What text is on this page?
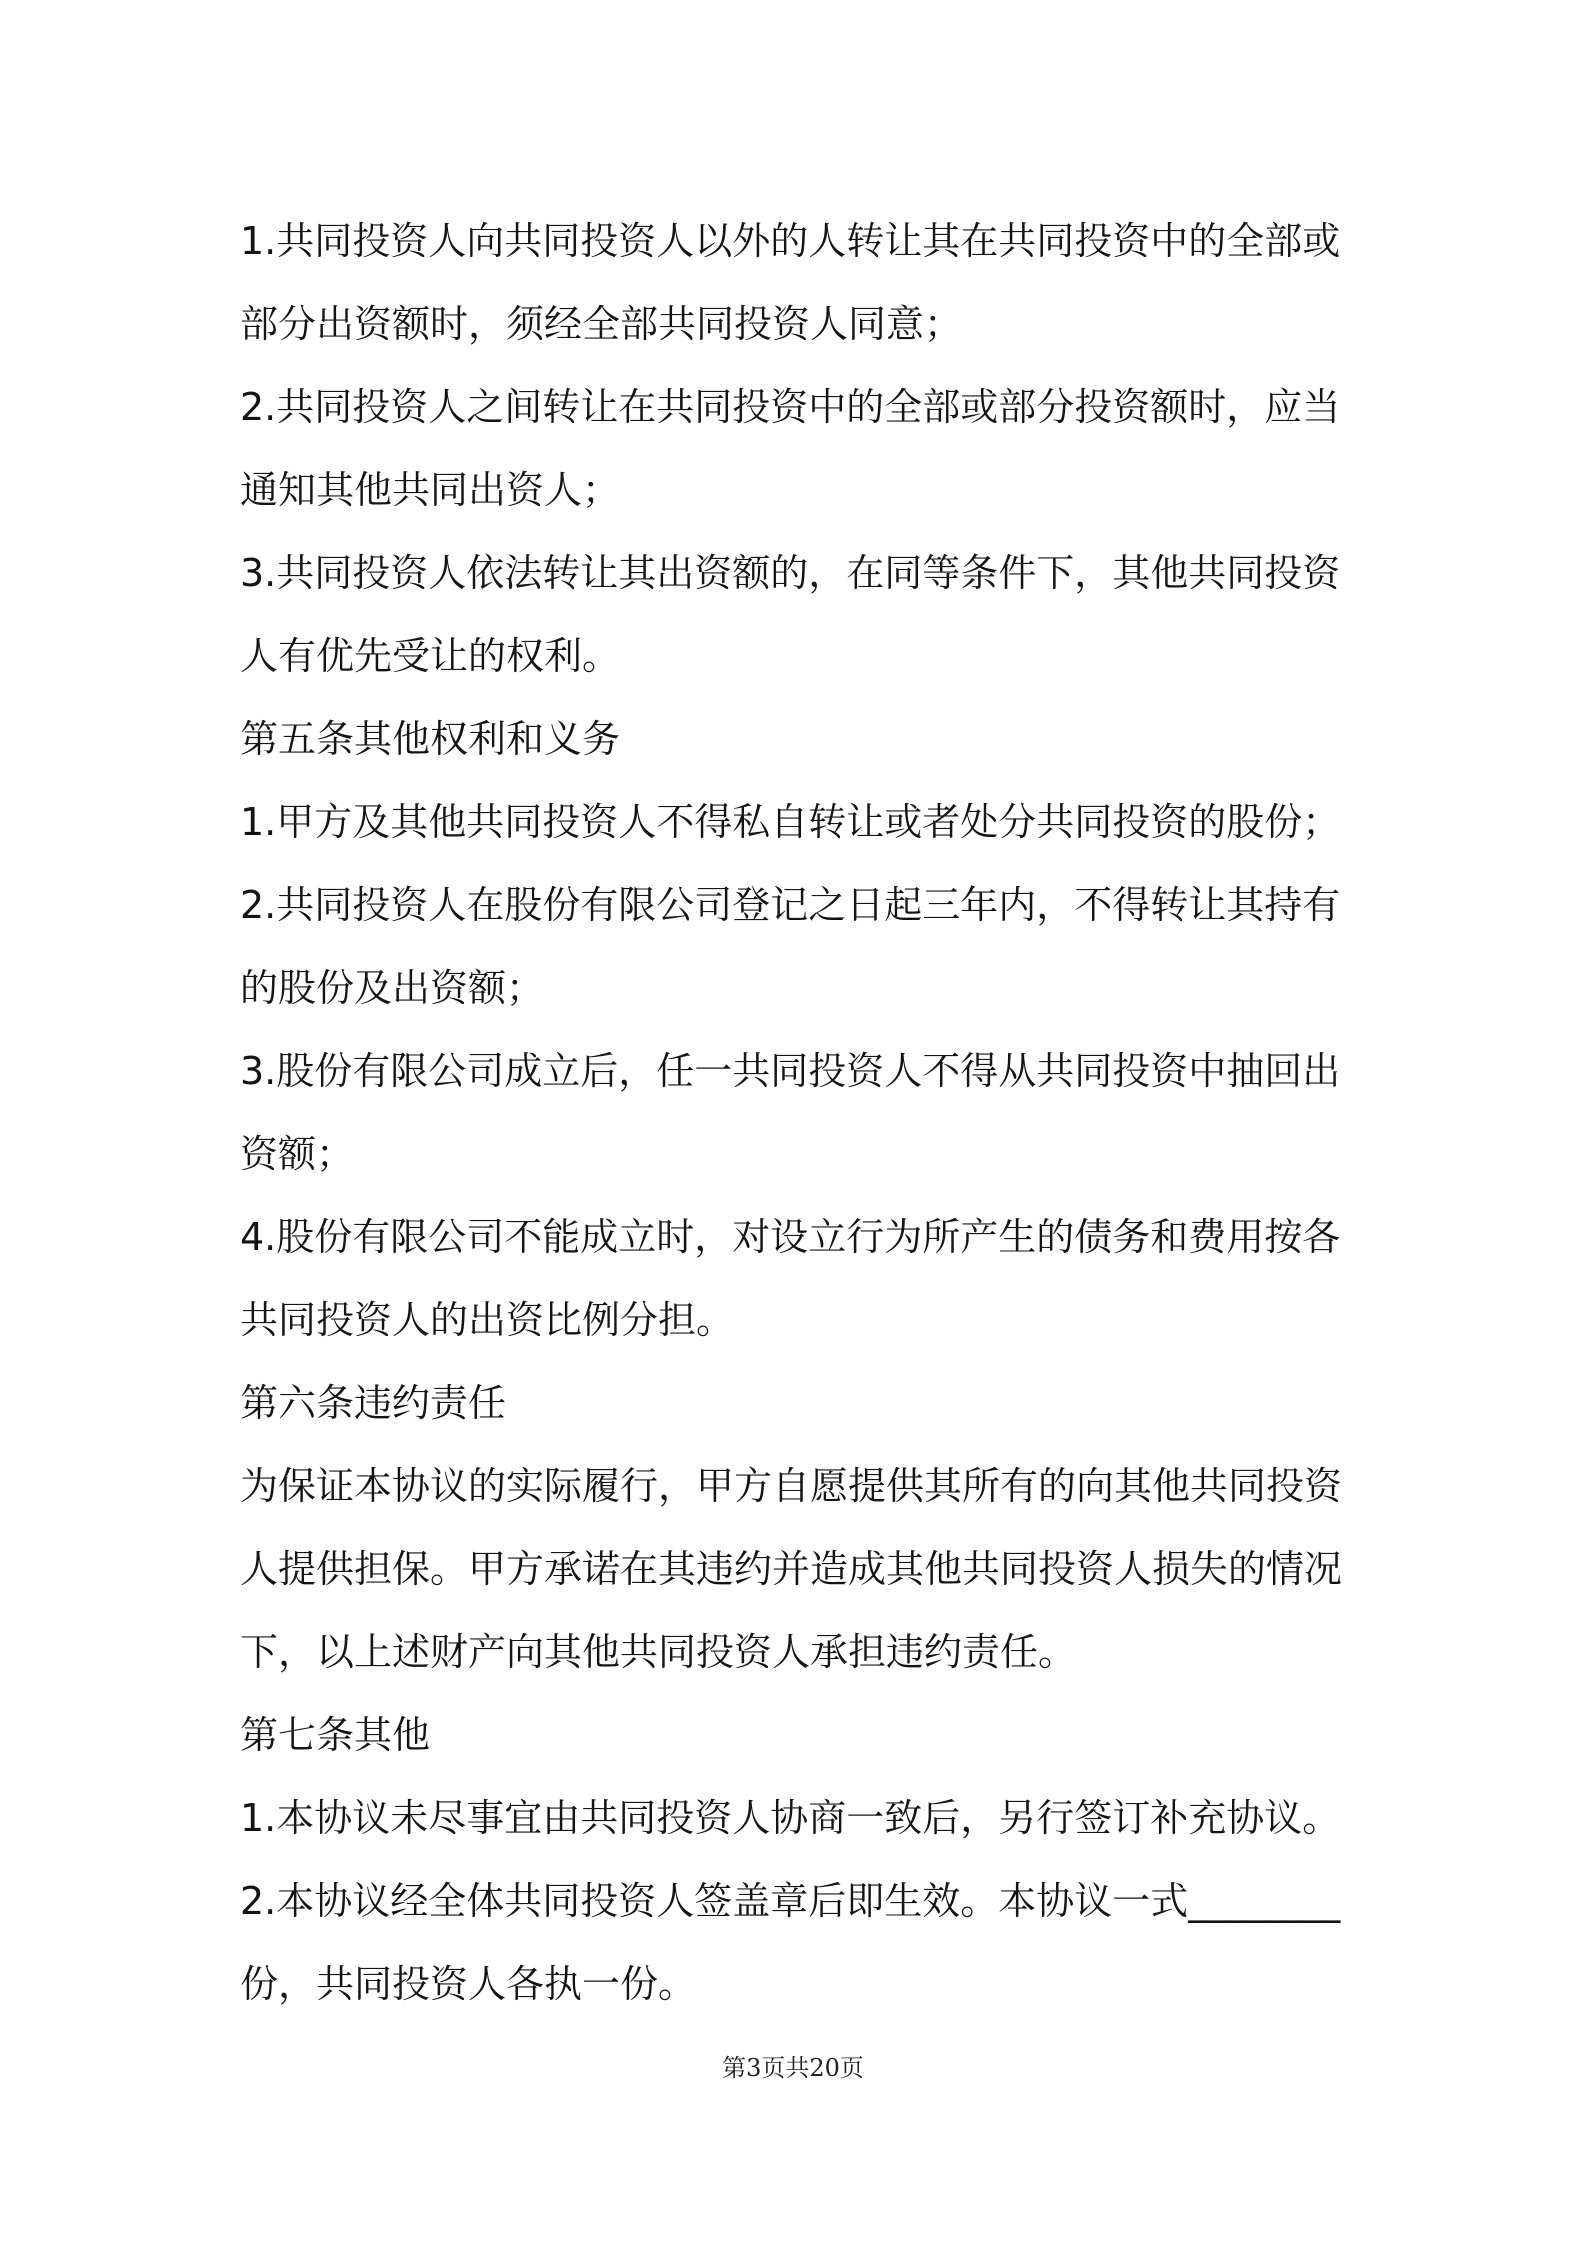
1.共同投资人向共同投资人以外的人转让其在共同投资中的全部或部分出资额时，须经全部共同投资人同意；

2.共同投资人之间转让在共同投资中的全部或部分投资额时，应当通知其他共同出资人；

3.共同投资人依法转让其出资额的，在同等条件下，其他共同投资人有优先受让的权利。

第五条其他权利和义务

1.甲方及其他共同投资人不得私自转让或者处分共同投资的股份；

2.共同投资人在股份有限公司登记之日起三年内，不得转让其持有的股份及出资额；

3.股份有限公司成立后，任一共同投资人不得从共同投资中抽回出资额；

4.股份有限公司不能成立时，对设立行为所产生的债务和费用按各共同投资人的出资比例分担。

第六条违约责任

为保证本协议的实际履行，甲方自愿提供其所有的向其他共同投资人提供担保。甲方承诺在其违约并造成其他共同投资人损失的情况下，以上述财产向其他共同投资人承担违约责任。

第七条其他

1.本协议未尽事宜由共同投资人协商一致后，另行签订补充协议。

2.本协议经全体共同投资人签盖章后即生效。本协议一式________份，共同投资人各执一份。

第3页共20页
